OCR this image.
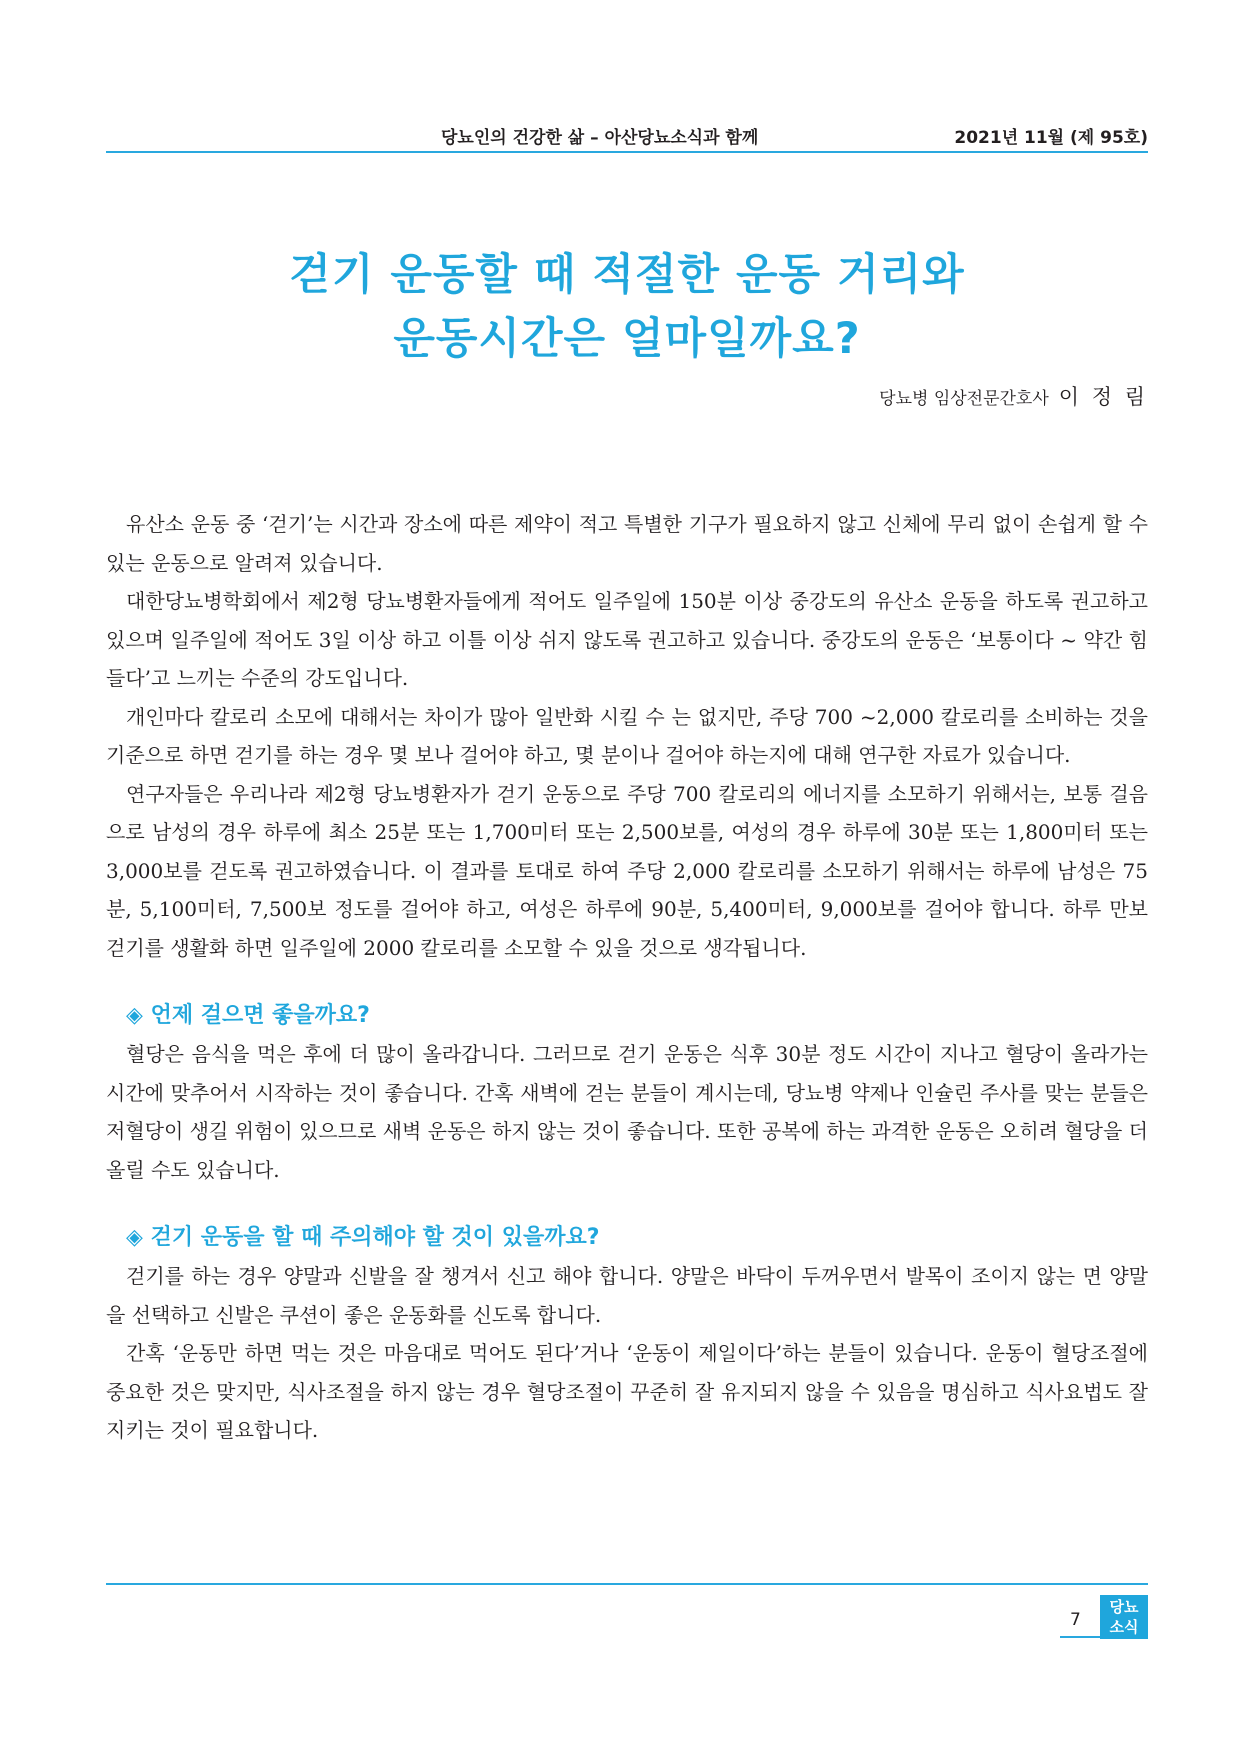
당뇨인의 건강한 삶 – 아산당뇨소식과 함께	2021년 11월 (제 95호)
걷기 운동할 때 적절한 운동 거리와
운동시간은 얼마일까요?
당뇨병 임상전문간호사 이 정 림

유산소 운동 중 ‘걷기’는 시간과 장소에 따른 제약이 적고 특별한 기구가 필요하지 않고 신체에 무리 없이 손쉽게 할 수 있는 운동으로 알려져 있습니다.

대한당뇨병학회에서 제2형 당뇨병환자들에게 적어도 일주일에 150분 이상 중강도의 유산소 운동을 하도록 권고하고 있으며 일주일에 적어도 3일 이상 하고 이틀 이상 쉬지 않도록 권고하고 있습니다. 중강도의 운동은 ‘보통이다 ~ 약간 힘들다’고 느끼는 수준의 강도입니다.

개인마다 칼로리 소모에 대해서는 차이가 많아 일반화 시킬 수 는 없지만, 주당 700 ~2,000 칼로리를 소비하는 것을 기준으로 하면 걷기를 하는 경우 몇 보나 걸어야 하고, 몇 분이나 걸어야 하는지에 대해 연구한 자료가 있습니다.

연구자들은 우리나라 제2형 당뇨병환자가 걷기 운동으로 주당 700 칼로리의 에너지를 소모하기 위해서는, 보통 걸음으로 남성의 경우 하루에 최소 25분 또는 1,700미터 또는 2,500보를, 여성의 경우 하루에 30분 또는 1,800미터 또는 3,000보를 걷도록 권고하였습니다. 이 결과를 토대로 하여 주당 2,000 칼로리를 소모하기 위해서는 하루에 남성은 75분, 5,100미터, 7,500보 정도를 걸어야 하고, 여성은 하루에 90분, 5,400미터, 9,000보를 걸어야 합니다. 하루 만보 걷기를 생활화 하면 일주일에 2000 칼로리를 소모할 수 있을 것으로 생각됩니다.

◈ 언제 걸으면 좋을까요?

혈당은 음식을 먹은 후에 더 많이 올라갑니다. 그러므로 걷기 운동은 식후 30분 정도 시간이 지나고 혈당이 올라가는 시간에 맞추어서 시작하는 것이 좋습니다. 간혹 새벽에 걷는 분들이 계시는데, 당뇨병 약제나 인슐린 주사를 맞는 분들은 저혈당이 생길 위험이 있으므로 새벽 운동은 하지 않는 것이 좋습니다. 또한 공복에 하는 과격한 운동은 오히려 혈당을 더 올릴 수도 있습니다.

◈ 걷기 운동을 할 때 주의해야 할 것이 있을까요?

걷기를 하는 경우 양말과 신발을 잘 챙겨서 신고 해야 합니다. 양말은 바닥이 두꺼우면서 발목이 조이지 않는 면 양말을 선택하고 신발은 쿠션이 좋은 운동화를 신도록 합니다.

간혹 ‘운동만 하면 먹는 것은 마음대로 먹어도 된다’거나 ‘운동이 제일이다’하는 분들이 있습니다. 운동이 혈당조절에 중요한 것은 맞지만, 식사조절을 하지 않는 경우 혈당조절이 꾸준히 잘 유지되지 않을 수 있음을 명심하고 식사요법도 잘 지키는 것이 필요합니다.

7
당뇨
소식
